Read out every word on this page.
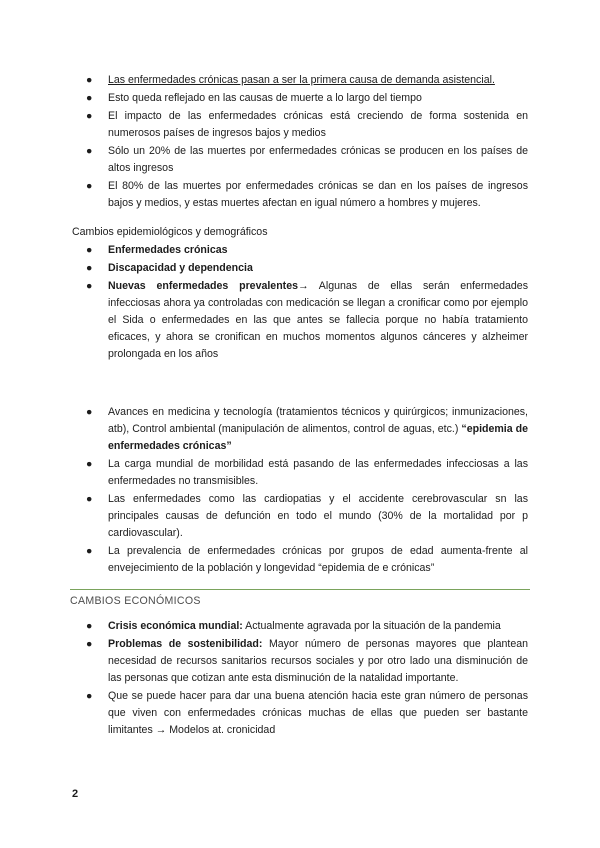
●	Las enfermedades crónicas pasan a ser la primera causa de demanda asistencial.
●	Esto queda reflejado en las causas de muerte a lo largo del tiempo
●	El impacto de las enfermedades crónicas está creciendo de forma sostenida en numerosos países de ingresos bajos y medios
●	Sólo un 20% de las muertes por enfermedades crónicas se producen en los países de altos ingresos
●	El 80% de las muertes por enfermedades crónicas se dan en los países de ingresos bajos y medios, y estas muertes afectan en igual número a hombres y mujeres.
Cambios epidemiológicos y demográficos
●	Enfermedades crónicas
●	Discapacidad y dependencia
●	Nuevas enfermedades prevalentes→ Algunas de ellas serán enfermedades infecciosas ahora ya controladas con medicación se llegan a cronificar como por ejemplo el Sida o enfermedades en las que antes se fallecia porque no había tratamiento eficaces, y ahora se cronifican en muchos momentos algunos cánceres y alzheimer prolongada en los años
●	Avances en medicina y tecnología (tratamientos técnicos y quirúrgicos; inmunizaciones, atb), Control ambiental (manipulación de alimentos, control de aguas, etc.) “epidemia de enfermedades crónicas”
●	La carga mundial de morbilidad está pasando de las enfermedades infecciosas a las enfermedades no transmisibles.
●	Las enfermedades como las cardiopatias y el accidente cerebrovascular sn las principales causas de defunción en todo el mundo (30% de la mortalidad por p cardiovascular).
●	La prevalencia de enfermedades crónicas por grupos de edad aumenta-frente al envejecimiento de la población y longevidad “epidemia de e crónicas”
CAMBIOS ECONÓMICOS
●	Crisis económica mundial: Actualmente agravada por la situación de la pandemia
●	Problemas de sostenibilidad: Mayor número de personas mayores que plantean necesidad de recursos sanitarios recursos sociales y por otro lado una disminución de las personas que cotizan ante esta disminución de la natalidad importante.
●	Que se puede hacer para dar una buena atención hacia este gran número de personas que viven con enfermedades crónicas muchas de ellas que pueden ser bastante limitantes → Modelos at. cronicidad
2
